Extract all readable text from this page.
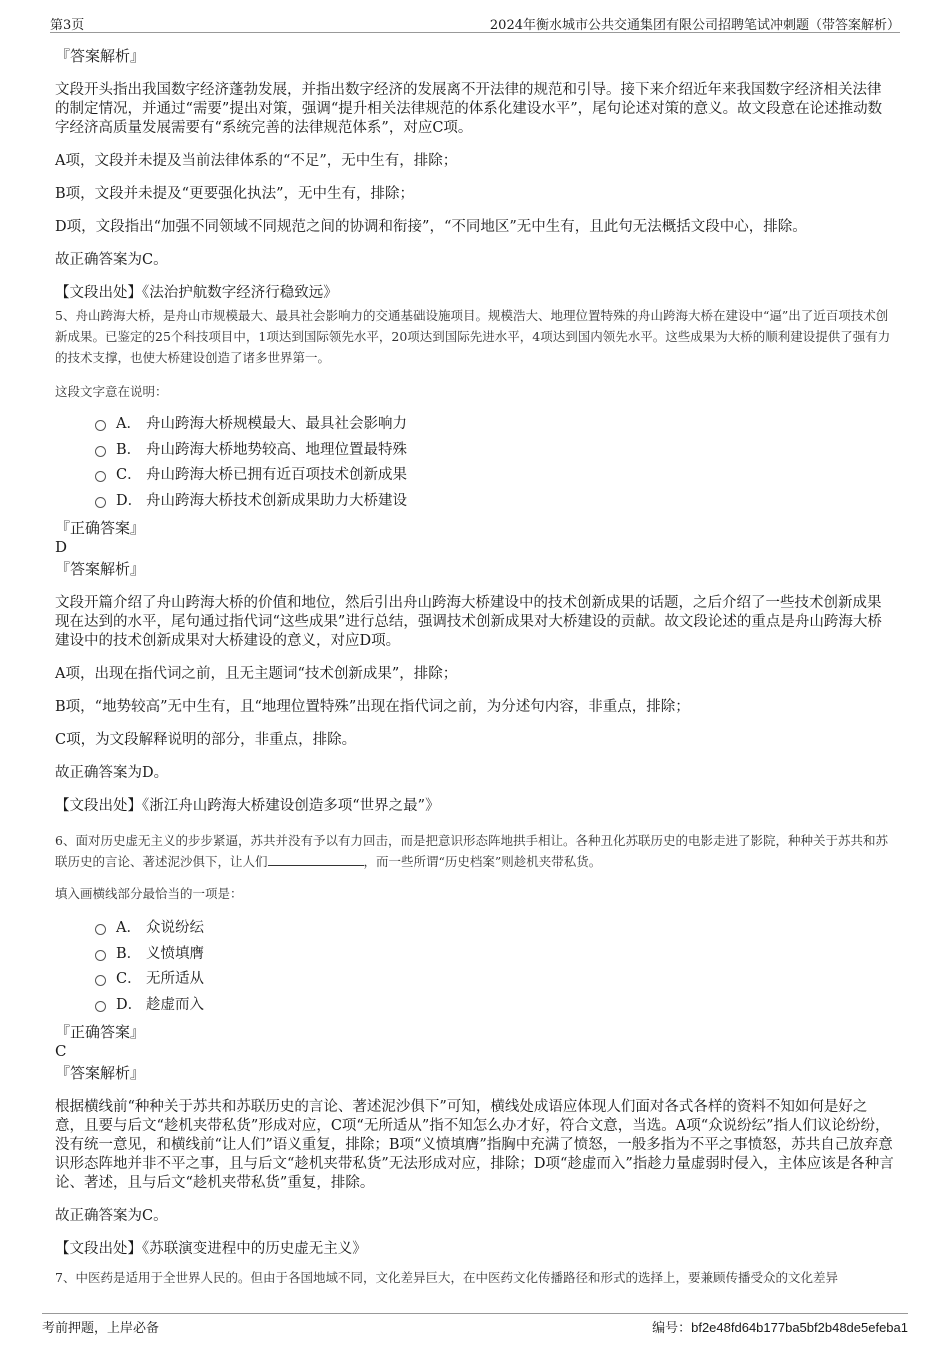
第3页	2024年衡水城市公共交通集团有限公司招聘笔试冲刺题（带答案解析）
『答案解析』

文段开头指出我国数字经济蓬勃发展，并指出数字经济的发展离不开法律的规范和引导。接下来介绍近年来我国数字经济相关法律的制定情况，并通过“需要”提出对策，强调“提升相关法律规范的体系化建设水平”，尾句论述对策的意义。故文段意在论述推动数字经济高质量发展需要有“系统完善的法律规范体系”，对应C项。

A项，文段并未提及当前法律体系的“不足”，无中生有，排除；

B项，文段并未提及“更要强化执法”，无中生有，排除；

D项，文段指出“加强不同领域不同规范之间的协调和衔接”，“不同地区”无中生有，且此句无法概括文段中心，排除。

故正确答案为C。

【文段出处】《法治护航数字经济行稳致远》

5、舟山跨海大桥，是舟山市规模最大、最具社会影响力的交通基础设施项目。规模浩大、地理位置特殊的舟山跨海大桥在建设中“逼”出了近百项技术创新成果。已鉴定的25个科技项目中，1项达到国际领先水平，20项达到国际先进水平，4项达到国内领先水平。这些成果为大桥的顺利建设提供了强有力的技术支撑，也使大桥建设创造了诸多世界第一。

这段文字意在说明：

A． 舟山跨海大桥规模最大、最具社会影响力
B． 舟山跨海大桥地势较高、地理位置最特殊
C． 舟山跨海大桥已拥有近百项技术创新成果
D． 舟山跨海大桥技术创新成果助力大桥建设
『正确答案』
D
『答案解析』

文段开篇介绍了舟山跨海大桥的价值和地位，然后引出舟山跨海大桥建设中的技术创新成果的话题，之后介绍了一些技术创新成果现在达到的水平，尾句通过指代词“这些成果”进行总结，强调技术创新成果对大桥建设的贡献。故文段论述的重点是舟山跨海大桥建设中的技术创新成果对大桥建设的意义，对应D项。

A项，出现在指代词之前，且无主题词“技术创新成果”，排除；

B项，“地势较高”无中生有，且“地理位置特殊”出现在指代词之前，为分述句内容，非重点，排除；

C项，为文段解释说明的部分，非重点，排除。

故正确答案为D。

【文段出处】《浙江舟山跨海大桥建设创造多项“世界之最”》

6、面对历史虚无主义的步步紧逼，苏共并没有予以有力回击，而是把意识形态阵地拱手相让。各种丑化苏联历史的电影走进了影院，种种关于苏共和苏联历史的言论、著述泥沙俱下，让人们	，而一些所谓“历史档案”则趁机夹带私货。

填入画横线部分最恰当的一项是：

A． 众说纷纭
B． 义愤填膺
C． 无所适从
D． 趁虚而入
『正确答案』
C
『答案解析』

根据横线前“种种关于苏共和苏联历史的言论、著述泥沙俱下”可知，横线处成语应体现人们面对各式各样的资料不知如何是好之意，且要与后文“趁机夹带私货”形成对应，C项“无所适从”指不知怎么办才好，符合文意，当选。A项“众说纷纭”指人们议论纷纷，没有统一意见，和横线前“让人们”语义重复，排除；B项“义愤填膺”指胸中充满了愤怒，一般多指为不平之事愤怒，苏共自己放弃意识形态阵地并非不平之事，且与后文“趁机夹带私货”无法形成对应，排除；D项“趁虚而入”指趁力量虚弱时侵入，主体应该是各种言论、著述，且与后文“趁机夹带私货”重复，排除。

故正确答案为C。

【文段出处】《苏联演变进程中的历史虚无主义》

7、中医药是适用于全世界人民的。但由于各国地域不同，文化差异巨大，在中医药文化传播路径和形式的选择上，要兼顾传播受众的文化差异

考前押题，上岸必备	编号：bf2e48fd64b177ba5bf2b48de5efeba1
